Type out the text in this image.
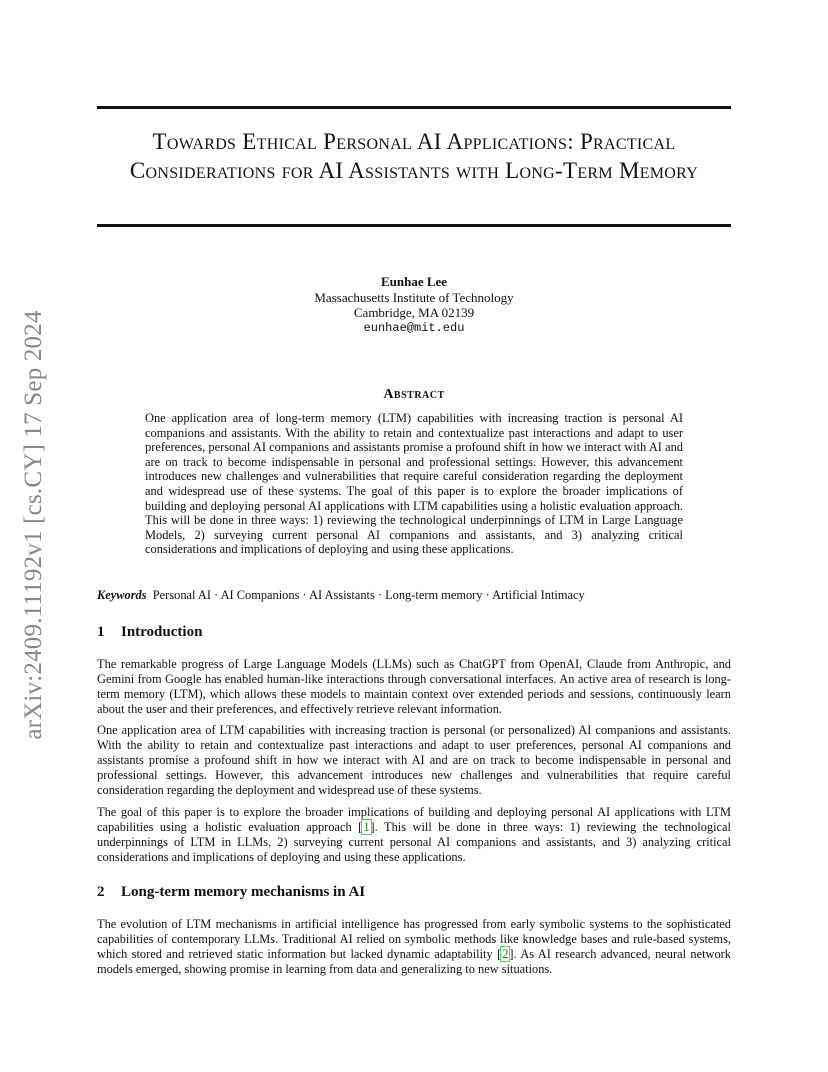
Towards Ethical Personal AI Applications: Practical Considerations for AI Assistants with Long-Term Memory
arXiv:2409.11192v1 [cs.CY] 17 Sep 2024
Eunhae Lee
Massachusetts Institute of Technology
Cambridge, MA 02139
eunhae@mit.edu
Abstract

One application area of long-term memory (LTM) capabilities with increasing traction is personal AI companions and assistants. With the ability to retain and contextualize past interactions and adapt to user preferences, personal AI companions and assistants promise a profound shift in how we interact with AI and are on track to become indispensable in personal and professional settings. However, this advancement introduces new challenges and vulnerabilities that require careful consideration regarding the deployment and widespread use of these systems. The goal of this paper is to explore the broader implications of building and deploying personal AI applications with LTM capabilities using a holistic evaluation approach. This will be done in three ways: 1) reviewing the technological underpinnings of LTM in Large Language Models, 2) surveying current personal AI companions and assistants, and 3) analyzing critical considerations and implications of deploying and using these applications.

Keywords Personal AI · AI Companions · AI Assistants · Long-term memory · Artificial Intimacy
1 Introduction

The remarkable progress of Large Language Models (LLMs) such as ChatGPT from OpenAI, Claude from Anthropic, and Gemini from Google has enabled human-like interactions through conversational interfaces. An active area of research is long-term memory (LTM), which allows these models to maintain context over extended periods and sessions, continuously learn about the user and their preferences, and effectively retrieve relevant information.

One application area of LTM capabilities with increasing traction is personal (or personalized) AI companions and assistants. With the ability to retain and contextualize past interactions and adapt to user preferences, personal AI companions and assistants promise a profound shift in how we interact with AI and are on track to become indispensable in personal and professional settings. However, this advancement introduces new challenges and vulnerabilities that require careful consideration regarding the deployment and widespread use of these systems.

The goal of this paper is to explore the broader implications of building and deploying personal AI applications with LTM capabilities using a holistic evaluation approach [1]. This will be done in three ways: 1) reviewing the technological underpinnings of LTM in LLMs, 2) surveying current personal AI companions and assistants, and 3) analyzing critical considerations and implications of deploying and using these applications.

2 Long-term memory mechanisms in AI

The evolution of LTM mechanisms in artificial intelligence has progressed from early symbolic systems to the sophisticated capabilities of contemporary LLMs. Traditional AI relied on symbolic methods like knowledge bases and rule-based systems, which stored and retrieved static information but lacked dynamic adaptability [2]. As AI research advanced, neural network models emerged, showing promise in learning from data and generalizing to new situations.
